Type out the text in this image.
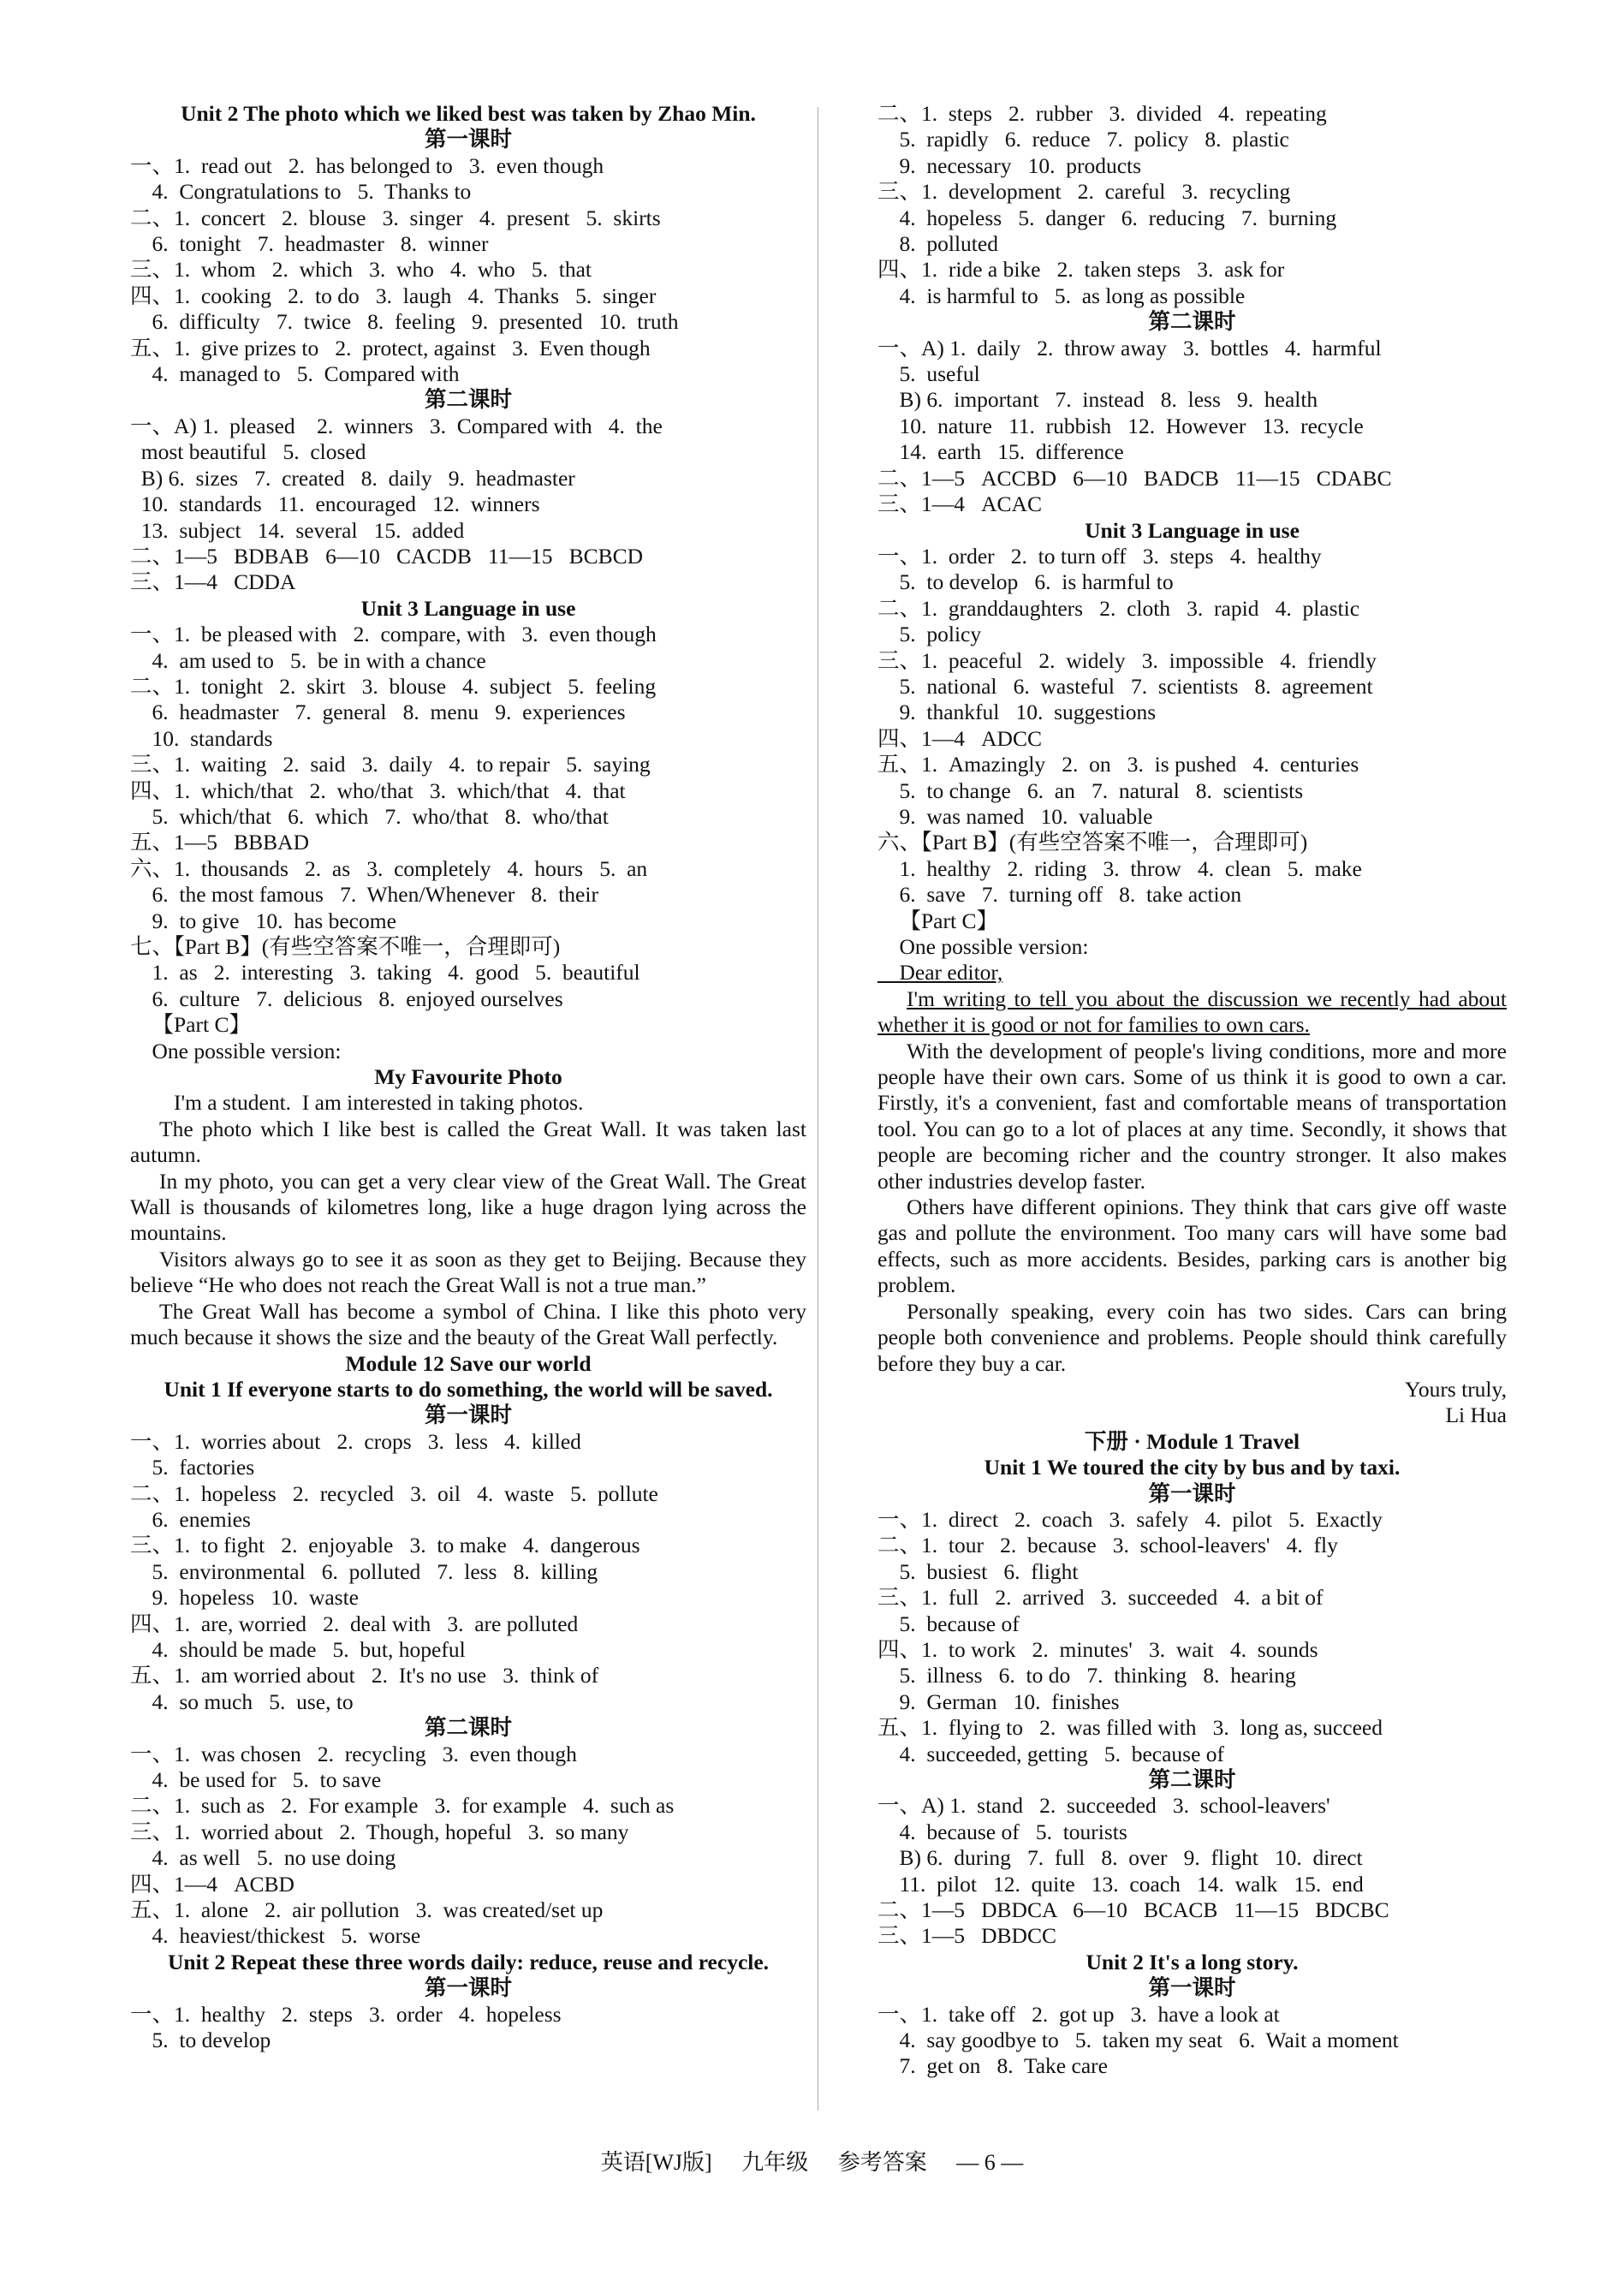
Unit 2 The photo which we liked best was taken by Zhao Min.
第一课时
一、1.  read out   2.  has belonged to   3.  even though
4.  Congratulations to   5.  Thanks to
二、1.  concert   2.  blouse   3.  singer   4.  present   5.  skirts
6.  tonight   7.  headmaster   8.  winner
三、1.  whom   2.  which   3.  who   4.  who   5.  that
四、1.  cooking   2.  to do   3.  laugh   4.  Thanks   5.  singer
6.  difficulty   7.  twice   8.  feeling   9.  presented   10.  truth
五、1.  give prizes to   2.  protect, against   3.  Even though
4.  managed to   5.  Compared with
第二课时
一、A) 1.  pleased    2.  winners   3.  Compared with   4.  the
most beautiful   5.  closed
B) 6.  sizes   7.  created   8.  daily   9.  headmaster
10.  standards   11.  encouraged   12.  winners
13.  subject   14.  several   15.  added
二、1—5   BDBAB   6—10   CACDB   11—15   BCBCD
三、1—4   CDDA
Unit 3 Language in use
一、1.  be pleased with   2.  compare, with   3.  even though
4.  am used to   5.  be in with a chance
二、1.  tonight   2.  skirt   3.  blouse   4.  subject   5.  feeling
6.  headmaster   7.  general   8.  menu   9.  experiences
10.  standards
三、1.  waiting   2.  said   3.  daily   4.  to repair   5.  saying
四、1.  which/that   2.  who/that   3.  which/that   4.  that
5.  which/that   6.  which   7.  who/that   8.  who/that
五、1—5   BBBAD
六、1.  thousands   2.  as   3.  completely   4.  hours   5.  an
6.  the most famous   7.  When/Whenever   8.  their
9.  to give   10.  has become
七、【Part B】(有些空答案不唯一，合理即可)
1.  as   2.  interesting   3.  taking   4.  good   5.  beautiful
6.  culture   7.  delicious   8.  enjoyed ourselves
【Part C】
One possible version:
My Favourite Photo
I'm a student.  I am interested in taking photos.
The photo which I like best is called the Great Wall. It was taken last autumn.
In my photo, you can get a very clear view of the Great Wall. The Great Wall is thousands of kilometres long, like a huge dragon lying across the mountains.
Visitors always go to see it as soon as they get to Beijing. Because they believe “He who does not reach the Great Wall is not a true man.”
The Great Wall has become a symbol of China. I like this photo very much because it shows the size and the beauty of the Great Wall perfectly.
Module 12 Save our world
Unit 1 If everyone starts to do something, the world will be saved.
第一课时
一、1.  worries about   2.  crops   3.  less   4.  killed
5.  factories
二、1.  hopeless   2.  recycled   3.  oil   4.  waste   5.  pollute
6.  enemies
三、1.  to fight   2.  enjoyable   3.  to make   4.  dangerous
5.  environmental   6.  polluted   7.  less   8.  killing
9.  hopeless   10.  waste
四、1.  are, worried   2.  deal with   3.  are polluted
4.  should be made   5.  but, hopeful
五、1.  am worried about   2.  It's no use   3.  think of
4.  so much   5.  use, to
第二课时
一、1.  was chosen   2.  recycling   3.  even though
4.  be used for   5.  to save
二、1.  such as   2.  For example   3.  for example   4.  such as
三、1.  worried about   2.  Though, hopeful   3.  so many
4.  as well   5.  no use doing
四、1—4   ACBD
五、1.  alone   2.  air pollution   3.  was created/set up
4.  heaviest/thickest   5.  worse
Unit 2 Repeat these three words daily: reduce, reuse and recycle.
第一课时
一、1.  healthy   2.  steps   3.  order   4.  hopeless
5.  to develop
二、1.  steps   2.  rubber   3.  divided   4.  repeating
5.  rapidly   6.  reduce   7.  policy   8.  plastic
9.  necessary   10.  products
三、1.  development   2.  careful   3.  recycling
4.  hopeless   5.  danger   6.  reducing   7.  burning
8.  polluted
四、1.  ride a bike   2.  taken steps   3.  ask for
4.  is harmful to   5.  as long as possible
第二课时
一、A) 1.  daily   2.  throw away   3.  bottles   4.  harmful
5.  useful
B) 6.  important   7.  instead   8.  less   9.  health
10.  nature   11.  rubbish   12.  However   13.  recycle
14.  earth   15.  difference
二、1—5   ACCBD   6—10   BADCB   11—15   CDABC
三、1—4   ACAC
Unit 3 Language in use
一、1.  order   2.  to turn off   3.  steps   4.  healthy
5.  to develop   6.  is harmful to
二、1.  granddaughters   2.  cloth   3.  rapid   4.  plastic
5.  policy
三、1.  peaceful   2.  widely   3.  impossible   4.  friendly
5.  national   6.  wasteful   7.  scientists   8.  agreement
9.  thankful   10.  suggestions
四、1—4   ADCC
五、1.  Amazingly   2.  on   3.  is pushed   4.  centuries
5.  to change   6.  an   7.  natural   8.  scientists
9.  was named   10.  valuable
六、【Part B】(有些空答案不唯一，合理即可)
1.  healthy   2.  riding   3.  throw   4.  clean   5.  make
6.  save   7.  turning off   8.  take action
【Part C】
One possible version:
Dear editor,
I'm writing to tell you about the discussion we recently had about whether it is good or not for families to own cars.
With the development of people's living conditions, more and more people have their own cars. Some of us think it is good to own a car. Firstly, it's a convenient, fast and comfortable means of transportation tool. You can go to a lot of places at any time. Secondly, it shows that people are becoming richer and the country stronger. It also makes other industries develop faster.
Others have different opinions. They think that cars give off waste gas and pollute the environment. Too many cars will have some bad effects, such as more accidents. Besides, parking cars is another big problem.
Personally speaking, every coin has two sides. Cars can bring people both convenience and problems. People should think carefully before they buy a car.
Yours truly,
Li Hua
下册 · Module 1 Travel
Unit 1 We toured the city by bus and by taxi.
第一课时
一、1.  direct   2.  coach   3.  safely   4.  pilot   5.  Exactly
二、1.  tour   2.  because   3.  school-leavers'   4.  fly
5.  busiest   6.  flight
三、1.  full   2.  arrived   3.  succeeded   4.  a bit of
5.  because of
四、1.  to work   2.  minutes'   3.  wait   4.  sounds
5.  illness   6.  to do   7.  thinking   8.  hearing
9.  German   10.  finishes
五、1.  flying to   2.  was filled with   3.  long as, succeed
4.  succeeded, getting   5.  because of
第二课时
一、A) 1.  stand   2.  succeeded   3.  school-leavers'
4.  because of   5.  tourists
B) 6.  during   7.  full   8.  over   9.  flight   10.  direct
11.  pilot   12.  quite   13.  coach   14.  walk   15.  end
二、1—5   DBDCA   6—10   BCACB   11—15   BDCBC
三、1—5   DBDCC
Unit 2 It's a long story.
第一课时
一、1.  take off   2.  got up   3.  have a look at
4.  say goodbye to   5.  taken my seat   6.  Wait a moment
7.  get on   8.  Take care
英语[WJ版] 九年级 参考答案 — 6 —
